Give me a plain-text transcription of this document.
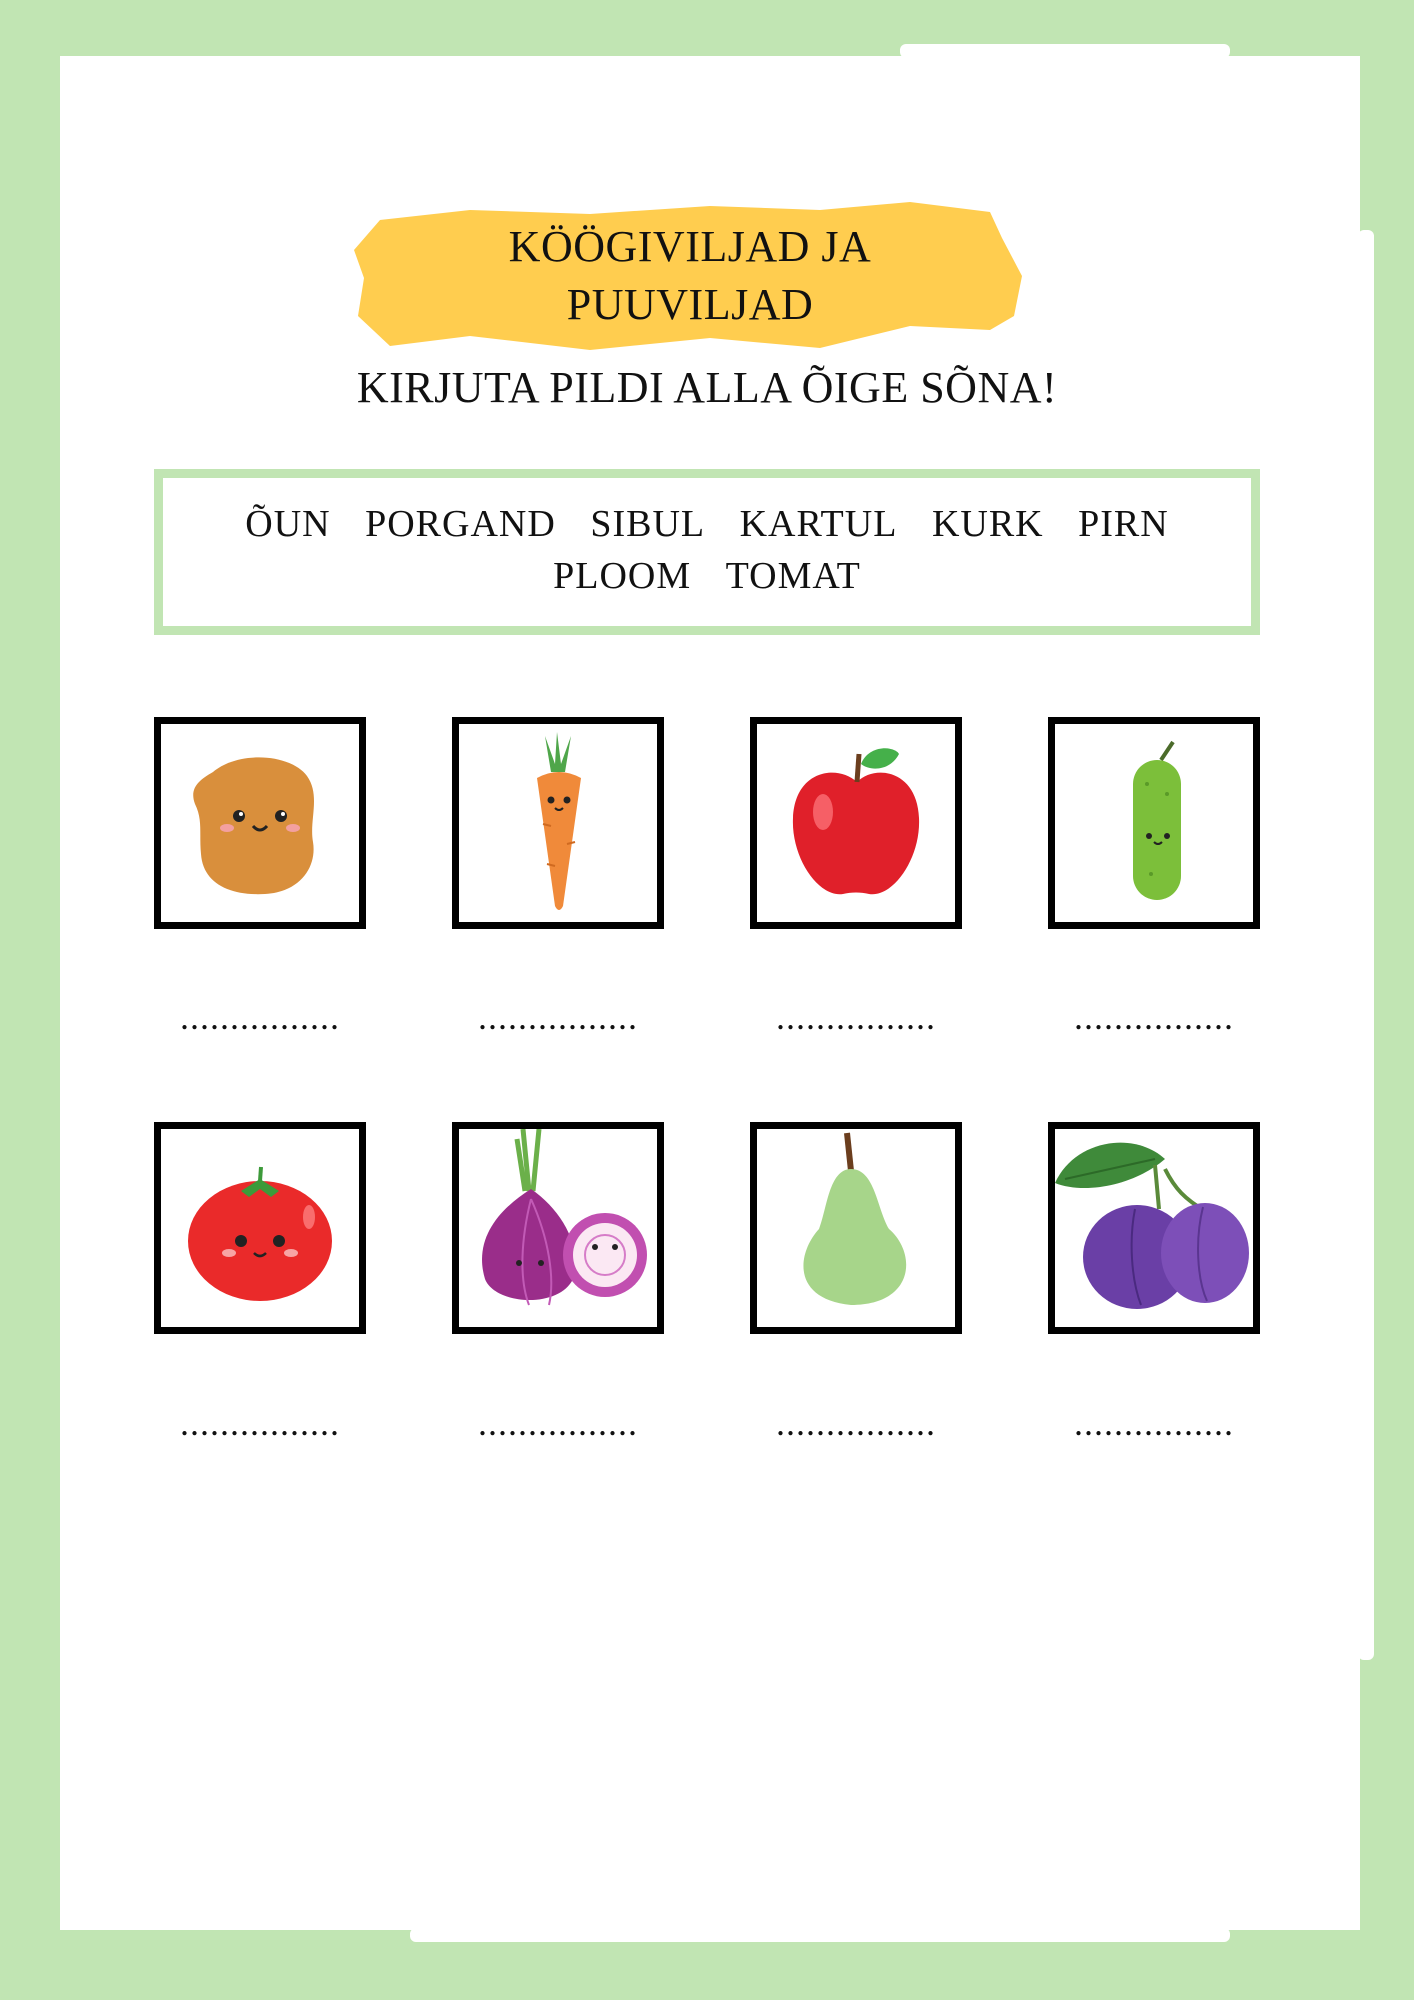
KÖÖGIVILJAD JA
PUUVILJAD

KIRJUTA PILDI ALLA ÕIGE SÕNA!

ÕUN PORGAND SIBUL KARTUL KURK PIRN
PLOOM TOMAT
................	................	................	................
................	................	................	................
